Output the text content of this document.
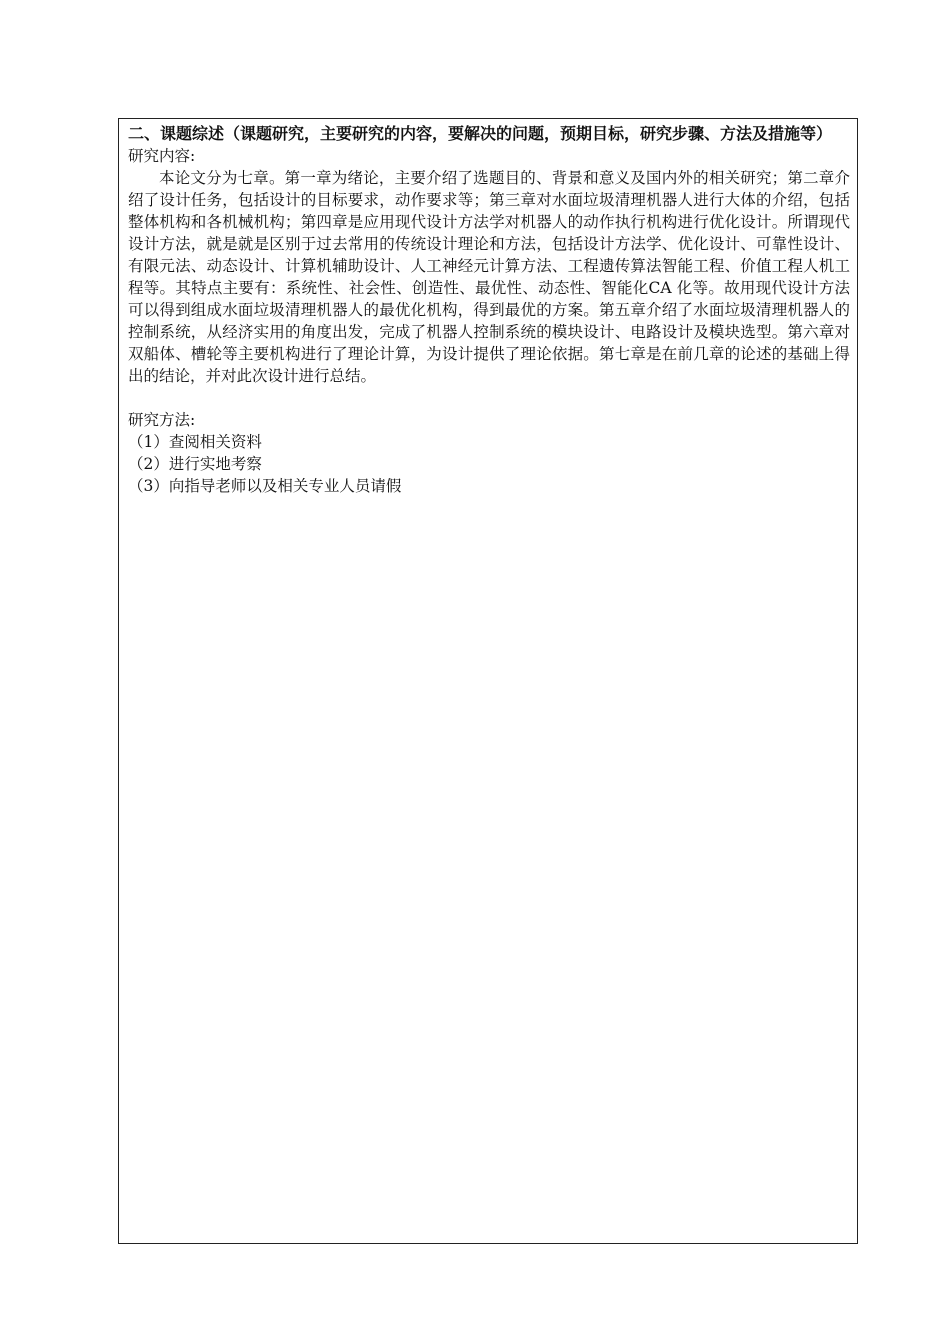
二、课题综述（课题研究，主要研究的内容，要解决的问题，预期目标，研究步骤、方法及措施等）

研究内容:

本论文分为七章。第一章为绪论，主要介绍了选题目的、背景和意义及国内外的相关研究；第二章介绍了设计任务，包括设计的目标要求，动作要求等；第三章对水面垃圾清理机器人进行大体的介绍，包括整体机构和各机械机构；第四章是应用现代设计方法学对机器人的动作执行机构进行优化设计。所谓现代设计方法，就是就是区别于过去常用的传统设计理论和方法，包括设计方法学、优化设计、可靠性设计、有限元法、动态设计、计算机辅助设计、人工神经元计算方法、工程遗传算法智能工程、价值工程人机工程等。其特点主要有：系统性、社会性、创造性、最优性、动态性、智能化CA 化等。故用现代设计方法可以得到组成水面垃圾清理机器人的最优化机构，得到最优的方案。第五章介绍了水面垃圾清理机器人的控制系统，从经济实用的角度出发，完成了机器人控制系统的模块设计、电路设计及模块选型。第六章对双船体、槽轮等主要机构进行了理论计算，为设计提供了理论依据。第七章是在前几章的论述的基础上得出的结论，并对此次设计进行总结。

研究方法:

（1）查阅相关资料
（2）进行实地考察
（3）向指导老师以及相关专业人员请假
